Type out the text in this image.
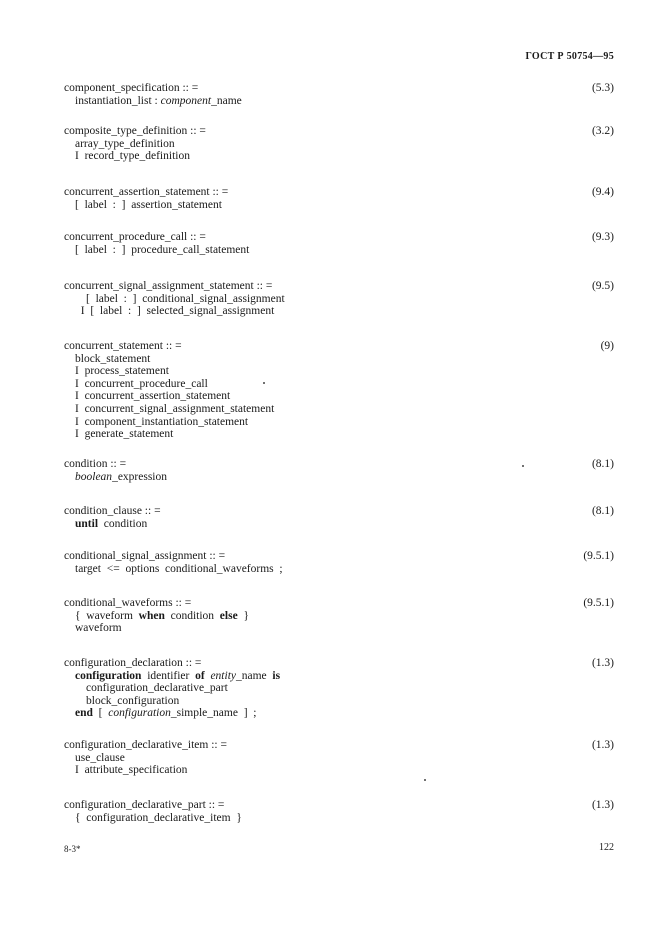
ГОСТ Р 50754—95
component_specification :: =	(5.3)
instantiation_list : component_name
composite_type_definition :: =	(3.2)
array_type_definition
I  record_type_definition
concurrent_assertion_statement :: =	(9.4)
[  label  :  ]  assertion_statement
concurrent_procedure_call :: =	(9.3)
[  label  :  ]  procedure_call_statement
concurrent_signal_assignment_statement :: =	(9.5)
[  label  :  ]  conditional_signal_assignment
I  [  label  :  ]  selected_signal_assignment
concurrent_statement :: =	(9)
block_statement
I  process_statement
I  concurrent_procedure_call
I  concurrent_assertion_statement
I  concurrent_signal_assignment_statement
I  component_instantiation_statement
I  generate_statement
condition :: =	(8.1)
boolean_expression
condition_clause :: =	(8.1)
until  condition
conditional_signal_assignment :: =	(9.5.1)
target  <=  options  conditional_waveforms  ;
conditional_waveforms :: =	(9.5.1)
{  waveform  when  condition  else  }
waveform
configuration_declaration :: =	(1.3)
configuration  identifier  of entity_name  is
configuration_declarative_part
block_configuration
end  [  configuration_simple_name  ]  ;
configuration_declarative_item :: =	(1.3)
use_clause
I  attribute_specification
configuration_declarative_part :: =	(1.3)
{  configuration_declarative_item  }
8-3*	122
